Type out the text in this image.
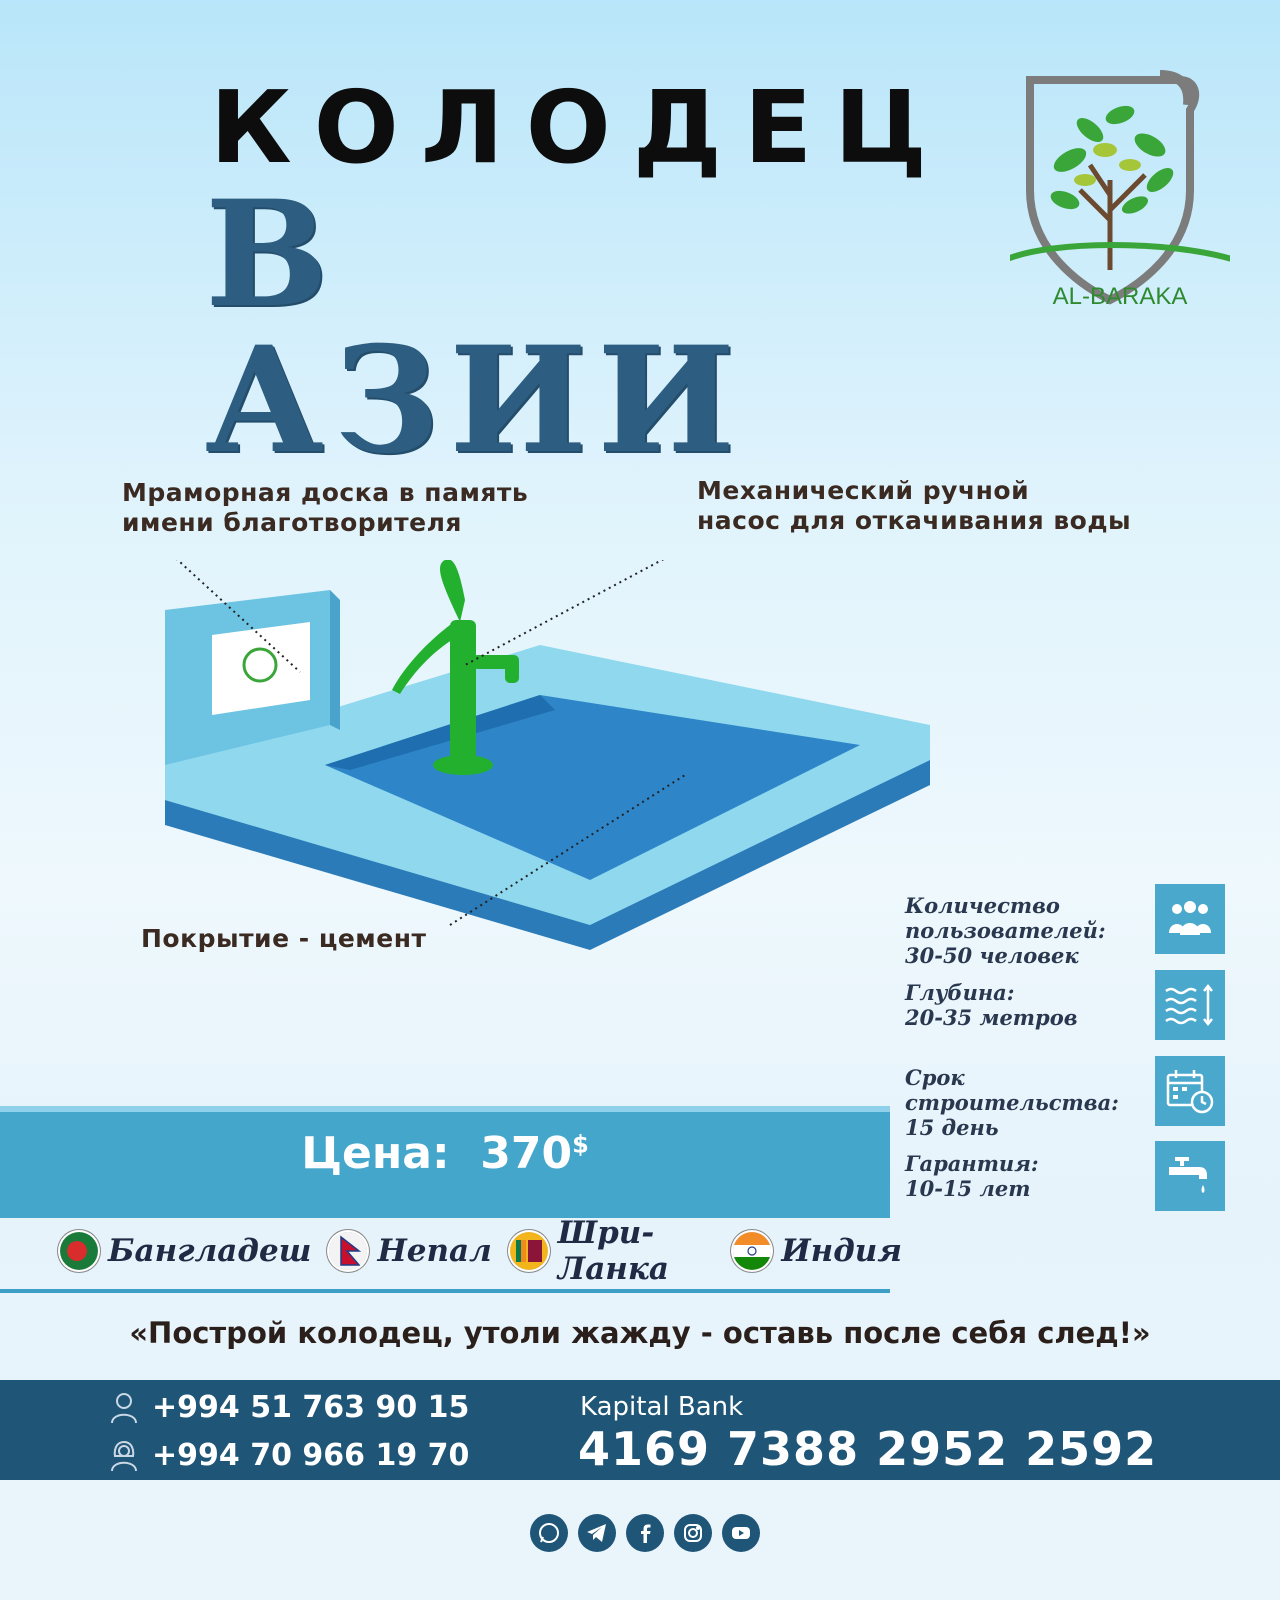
КОЛОДЕЦ
В АЗИИ
AL-BARAKA
Мраморная доска в память
имени благотворителя
Механический ручной
насос для откачивания воды
Покрытие - цемент
Количество
пользователей:
30-50 человек
Глубина:
20-35 метров
Срок
строительства:
15 день
Гарантия:
10-15 лет
Цена: 370$
Бангладеш Непал Шри-Ланка	Индия
«Построй колодец, утоли жажду - оставь после себя след!»
+994 51 763 90 15
+994 70 966 19 70
Kapital Bank
4169 7388 2952 2592
